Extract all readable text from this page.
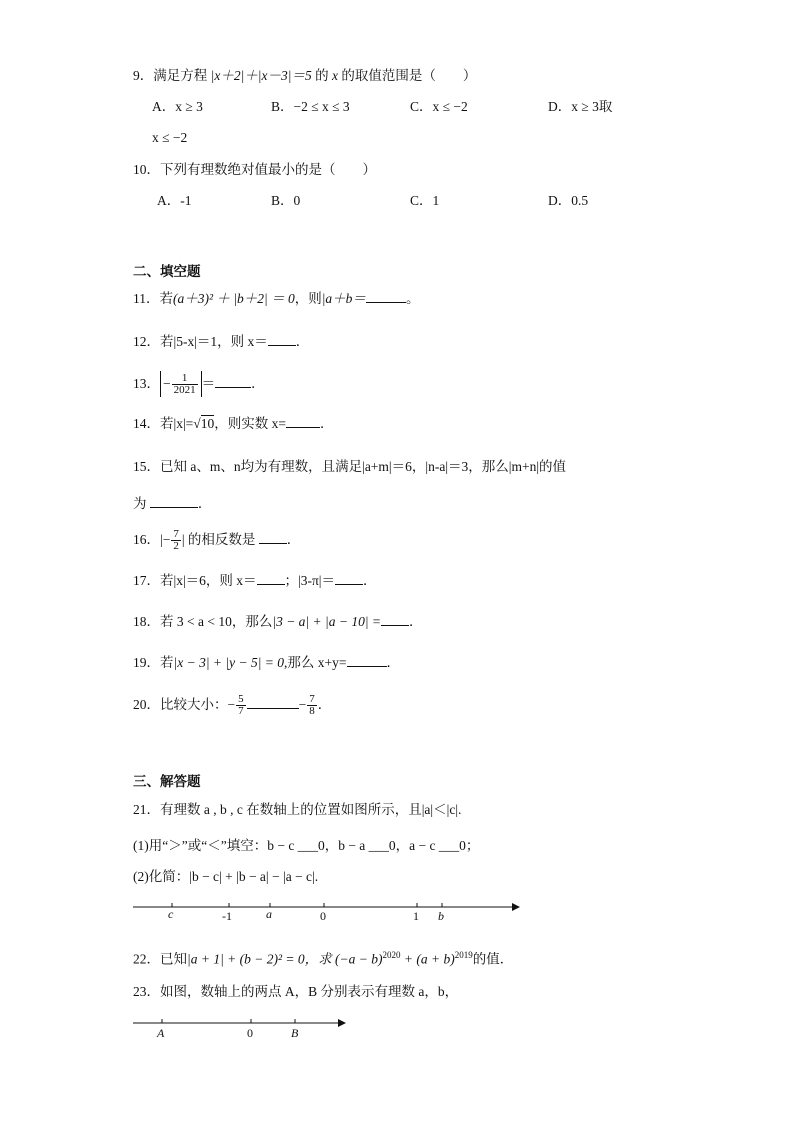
9．满足方程 |x＋2|＋|x－3|＝5 的 x 的取值范围是（　　）
A．x ≥ 3	B．−2 ≤ x ≤ 3	C．x ≤ −2	D．x ≥ 3取
x ≤ −2
10．下列有理数绝对值最小的是（　　）
A．-1	B．0	C．1	D．0.5
二、填空题
11．若(a＋3)² ＋ |b＋2| ＝ 0，则|a＋b＝	。
12．若|5-x|＝1，则 x＝ ．
13． − $\frac{1}{2021}$ ＝	．
14．若|x|=√10，则实数 x=	．
15．已知 a、m、n均为有理数，且满足|a+m|＝6，|n-a|＝3，那么|m+n|的值
为	．
16．|− $\frac{7}{2}$ | 的相反数是 ．
17．若|x|＝6，则 x＝ ；|3-π|＝ ．
18．若 3 < a < 10，那么|3 − a| + |a − 10| = ．
19．若|x − 3| + |y − 5| = 0,那么 x+y=	．
20．比较大小：− $\frac{5}{7}$	− $\frac{7}{8}$ ．
三、解答题
21．有理数 a , b , c 在数轴上的位置如图所示，且|a|＜|c|.
(1)用“＞”或“＜”填空：b − c ___0，b − a ___0，a − c ___0；
(2)化简：|b − c| + |b − a| − |a − c|.
c	-1	a	0	1 b
22．已知|a + 1| + (b − 2)² = 0，求 $(-a - b)^{2020} + (a + b)^{2019}$的值．
23．如图，数轴上的两点 A，B 分别表示有理数 a，b，
A	0	B
